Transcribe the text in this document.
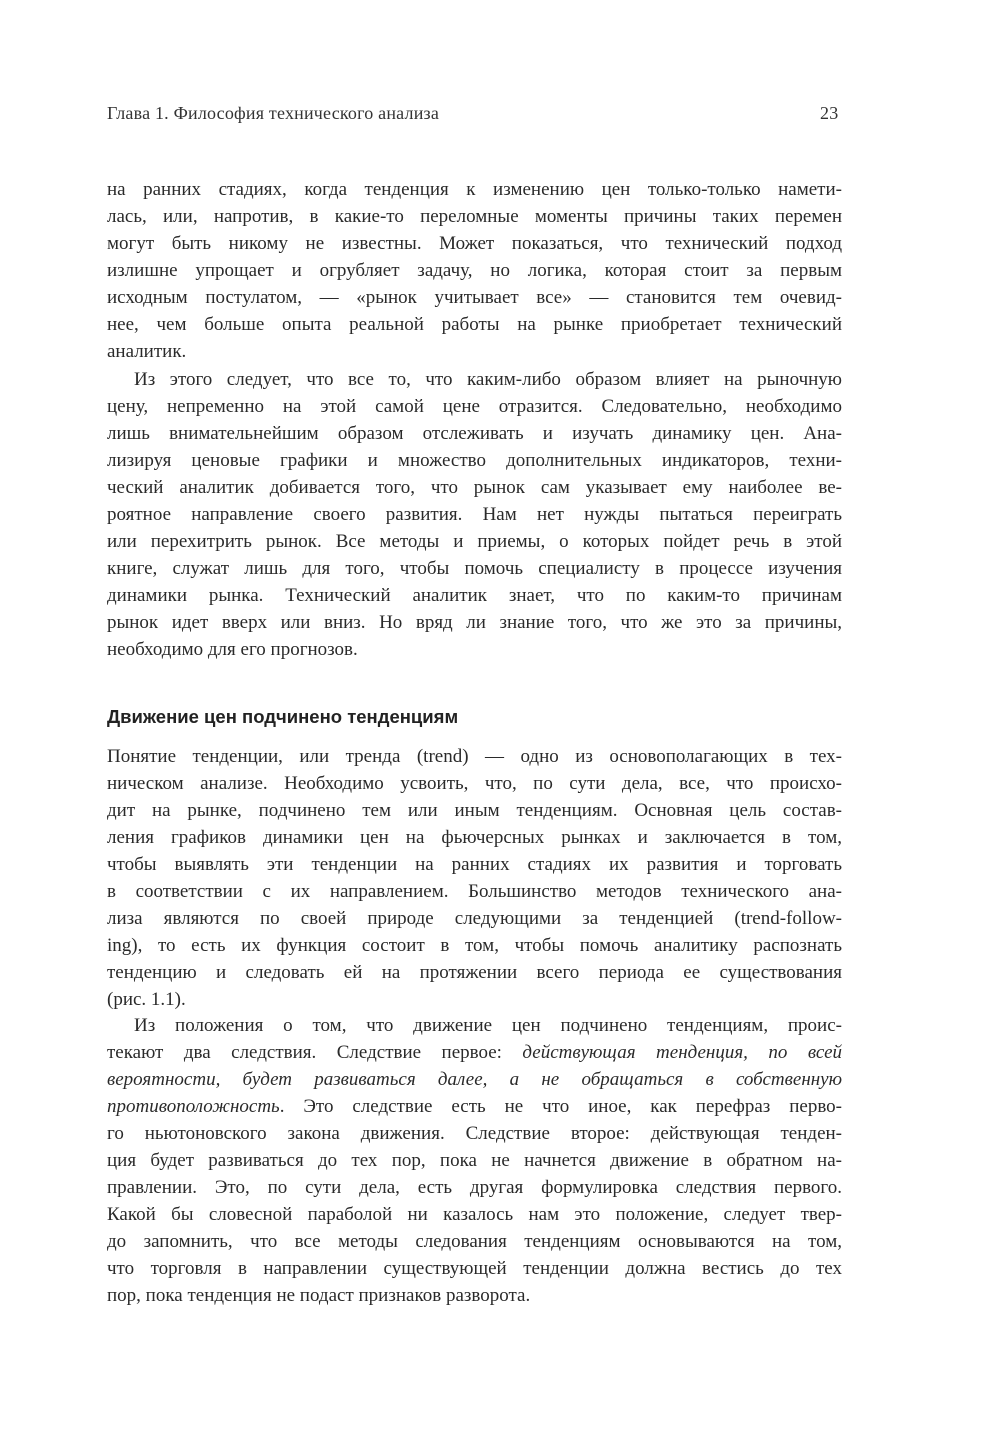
Глава 1. Философия технического анализа	23
на ранних стадиях, когда тенденция к изменению цен только-только намети-
лась, или, напротив, в какие-то переломные моменты причины таких перемен
могут быть никому не известны. Может показаться, что технический подход
излишне упрощает и огрубляет задачу, но логика, которая стоит за первым
исходным постулатом, — «рынок учитывает все» — становится тем очевид-
нее, чем больше опыта реальной работы на рынке приобретает технический
аналитик.
Из этого следует, что все то, что каким-либо образом влияет на рыночную
цену, непременно на этой самой цене отразится. Следовательно, необходимо
лишь внимательнейшим образом отслеживать и изучать динамику цен. Ана-
лизируя ценовые графики и множество дополнительных индикаторов, техни-
ческий аналитик добивается того, что рынок сам указывает ему наиболее ве-
роятное направление своего развития. Нам нет нужды пытаться переиграть
или перехитрить рынок. Все методы и приемы, о которых пойдет речь в этой
книге, служат лишь для того, чтобы помочь специалисту в процессе изучения
динамики рынка. Технический аналитик знает, что по каким-то причинам
рынок идет вверх или вниз. Но вряд ли знание того, что же это за причины,
необходимо для его прогнозов.
Движение цен подчинено тенденциям
Понятие тенденции, или тренда (trend) — одно из основополагающих в тех-
ническом анализе. Необходимо усвоить, что, по сути дела, все, что происхо-
дит на рынке, подчинено тем или иным тенденциям. Основная цель состав-
ления графиков динамики цен на фьючерсных рынках и заключается в том,
чтобы выявлять эти тенденции на ранних стадиях их развития и торговать
в соответствии с их направлением. Большинство методов технического ана-
лиза являются по своей природе следующими за тенденцией (trend-follow-
ing), то есть их функция состоит в том, чтобы помочь аналитику распознать
тенденцию и следовать ей на протяжении всего периода ее существования
(рис. 1.1).
Из положения о том, что движение цен подчинено тенденциям, проис-
текают два следствия. Следствие первое: действующая тенденция, по всей
вероятности, будет развиваться далее, а не обращаться в собственную
противоположность. Это следствие есть не что иное, как перефраз перво-
го ньютоновского закона движения. Следствие второе: действующая тенден-
ция будет развиваться до тех пор, пока не начнется движение в обратном на-
правлении. Это, по сути дела, есть другая формулировка следствия первого.
Какой бы словесной параболой ни казалось нам это положение, следует твер-
до запомнить, что все методы следования тенденциям основываются на том,
что торговля в направлении существующей тенденции должна вестись до тех
пор, пока тенденция не подаст признаков разворота.
